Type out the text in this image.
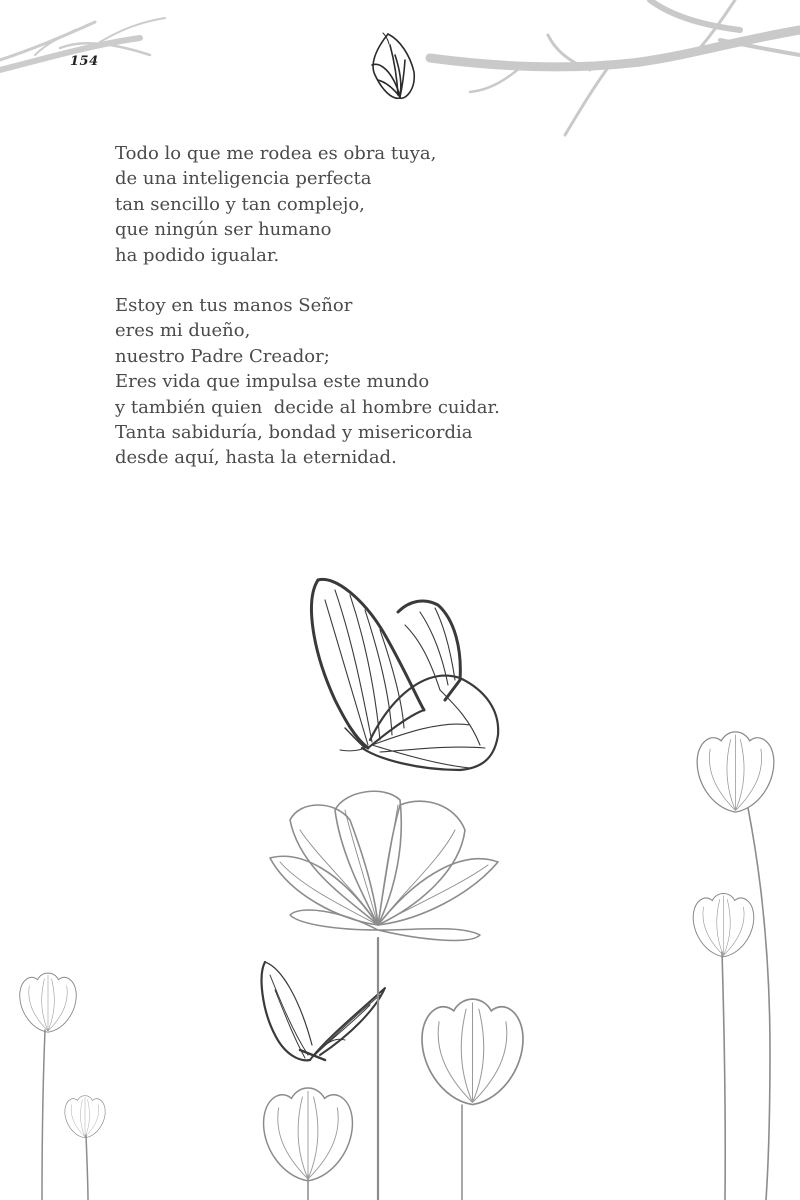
154

Todo lo que me rodea es obra tuya,
de una inteligencia perfecta
tan sencillo y tan complejo,
que ningún ser humano
ha podido igualar.

Estoy en tus manos Señor
eres mi dueño,
nuestro Padre Creador;
Eres vida que impulsa este mundo
y también quien  decide al hombre cuidar.
Tanta sabiduría, bondad y misericordia
desde aquí, hasta la eternidad.
